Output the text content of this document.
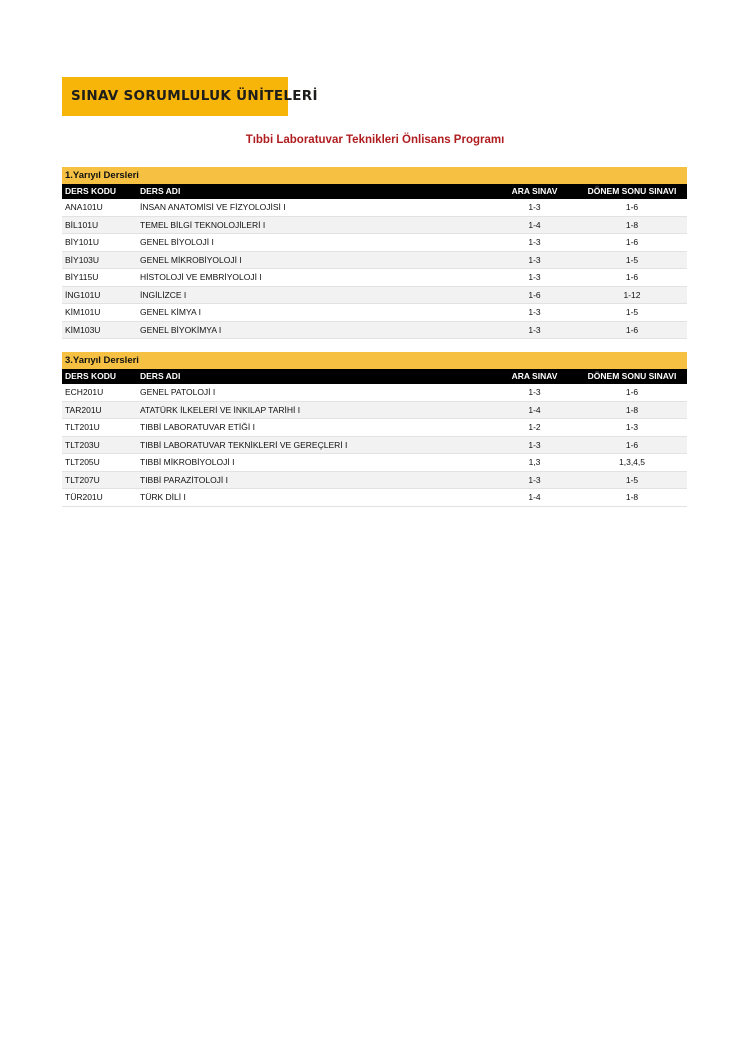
SINAV SORUMLULUK ÜNİTELERİ
Tıbbi Laboratuvar Teknikleri Önlisans Programı
1.Yarıyıl Dersleri
DERS KODU	DERS ADI	ARA SINAV	DÖNEM SONU SINAVI
ANA101U	İNSAN ANATOMİSİ VE FİZYOLOJİSİ I	1-3	1-6
BİL101U	TEMEL BİLGİ TEKNOLOJİLERİ I	1-4	1-8
BİY101U	GENEL BİYOLOJİ I	1-3	1-6
BİY103U	GENEL MİKROBİYOLOJİ I	1-3	1-5
BİY115U	HİSTOLOJİ VE EMBRİYOLOJİ I	1-3	1-6
İNG101U	İNGİLİZCE I	1-6	1-12
KİM101U	GENEL KİMYA I	1-3	1-5
KİM103U	GENEL BİYOKİMYA I	1-3	1-6
3.Yarıyıl Dersleri
DERS KODU	DERS ADI	ARA SINAV	DÖNEM SONU SINAVI
ECH201U	GENEL PATOLOJİ I	1-3	1-6
TAR201U	ATATÜRK İLKELERİ VE İNKILAP TARİHİ I	1-4	1-8
TLT201U	TIBBİ LABORATUVAR ETİĞİ I	1-2	1-3
TLT203U	TIBBİ LABORATUVAR TEKNİKLERİ VE GEREÇLERİ I	1-3	1-6
TLT205U	TIBBİ MİKROBİYOLOJİ I	1,3	1,3,4,5
TLT207U	TIBBİ PARAZİTOLOJİ I	1-3	1-5
TÜR201U	TÜRK DİLİ I	1-4	1-8
